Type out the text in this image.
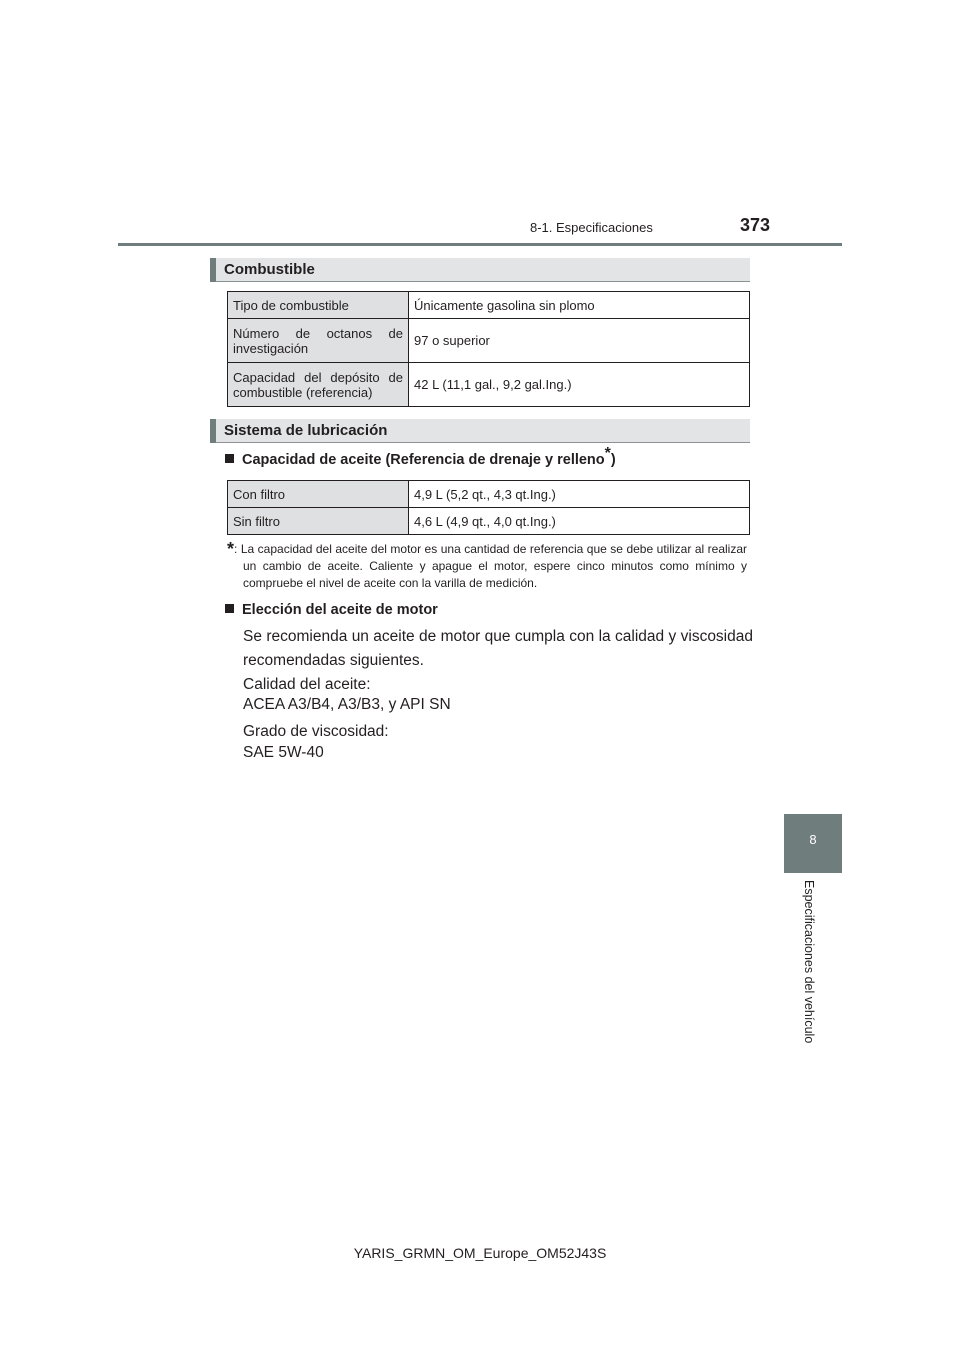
8-1. Especificaciones	373
Combustible
Tipo de combustible	Únicamente gasolina sin plomo
Número de octanos de investigación	97 o superior
Capacidad del depósito de combustible (referencia)	42 L (11,1 gal., 9,2 gal.Ing.)
Sistema de lubricación
Capacidad de aceite (Referencia de drenaje y relleno*)
Con filtro	4,9 L (5,2 qt., 4,3 qt.Ing.)
Sin filtro	4,6 L (4,9 qt., 4,0 qt.Ing.)
*: La capacidad del aceite del motor es una cantidad de referencia que se debe utilizar al realizar un cambio de aceite. Caliente y apague el motor, espere cinco minutos como mínimo y compruebe el nivel de aceite con la varilla de medición.
Elección del aceite de motor
Se recomienda un aceite de motor que cumpla con la calidad y viscosidad recomendadas siguientes.
Calidad del aceite:
ACEA A3/B4, A3/B3, y API SN
Grado de viscosidad:
SAE 5W-40
8
Especificaciones del vehículo
YARIS_GRMN_OM_Europe_OM52J43S
